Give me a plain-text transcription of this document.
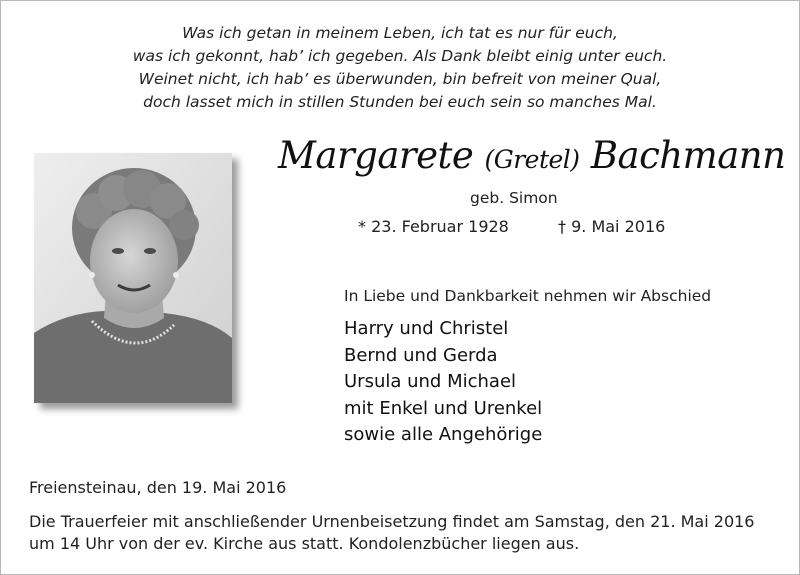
Was ich getan in meinem Leben, ich tat es nur für euch,
was ich gekonnt, hab’ ich gegeben. Als Dank bleibt einig unter euch.
Weinet nicht, ich hab’ es überwunden, bin befreit von meiner Qual,
doch lasset mich in stillen Stunden bei euch sein so manches Mal.
Margarete (Gretel) Bachmann
geb. Simon
* 23. Februar 1928	† 9. Mai 2016
In Liebe und Dankbarkeit nehmen wir Abschied
Harry und Christel
Bernd und Gerda
Ursula und Michael
mit Enkel und Urenkel
sowie alle Angehörige
Freiensteinau, den 19. Mai 2016
Die Trauerfeier mit anschließender Urnenbeisetzung findet am Samstag, den 21. Mai 2016
um 14 Uhr von der ev. Kirche aus statt. Kondolenzbücher liegen aus.
